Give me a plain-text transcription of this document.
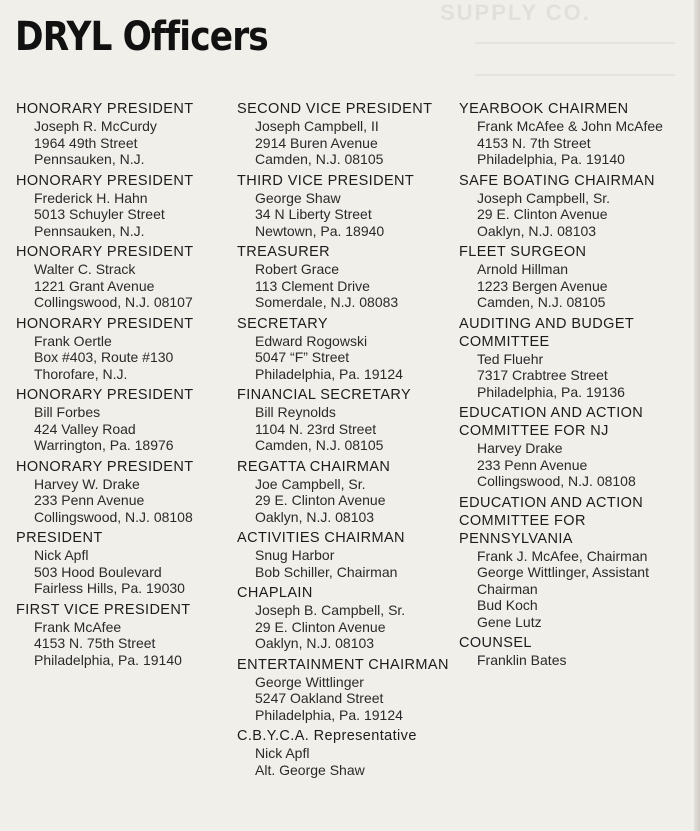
SUPPLY CO.
DRYL Officers
HONORARY PRESIDENT
Joseph R. McCurdy
1964 49th Street
Pennsauken, N.J.
HONORARY PRESIDENT
Frederick H. Hahn
5013 Schuyler Street
Pennsauken, N.J.
HONORARY PRESIDENT
Walter C. Strack
1221 Grant Avenue
Collingswood, N.J. 08107
HONORARY PRESIDENT
Frank Oertle
Box #403, Route #130
Thorofare, N.J.
HONORARY PRESIDENT
Bill Forbes
424 Valley Road
Warrington, Pa. 18976
HONORARY PRESIDENT
Harvey W. Drake
233 Penn Avenue
Collingswood, N.J. 08108
PRESIDENT
Nick Apfl
503 Hood Boulevard
Fairless Hills, Pa. 19030
FIRST VICE PRESIDENT
Frank McAfee
4153 N. 75th Street
Philadelphia, Pa. 19140
SECOND VICE PRESIDENT
Joseph Campbell, II
2914 Buren Avenue
Camden, N.J. 08105
THIRD VICE PRESIDENT
George Shaw
34 N Liberty Street
Newtown, Pa. 18940
TREASURER
Robert Grace
113 Clement Drive
Somerdale, N.J. 08083
SECRETARY
Edward Rogowski
5047 “F” Street
Philadelphia, Pa. 19124
FINANCIAL SECRETARY
Bill Reynolds
1104 N. 23rd Street
Camden, N.J. 08105
REGATTA CHAIRMAN
Joe Campbell, Sr.
29 E. Clinton Avenue
Oaklyn, N.J. 08103
ACTIVITIES CHAIRMAN
Snug Harbor
Bob Schiller, Chairman
CHAPLAIN
Joseph B. Campbell, Sr.
29 E. Clinton Avenue
Oaklyn, N.J. 08103
ENTERTAINMENT CHAIRMAN
George Wittlinger
5247 Oakland Street
Philadelphia, Pa. 19124
C.B.Y.C.A. Representative
Nick Apfl
Alt. George Shaw
YEARBOOK CHAIRMEN
Frank McAfee & John McAfee
4153 N. 7th Street
Philadelphia, Pa. 19140
SAFE BOATING CHAIRMAN
Joseph Campbell, Sr.
29 E. Clinton Avenue
Oaklyn, N.J. 08103
FLEET SURGEON
Arnold Hillman
1223 Bergen Avenue
Camden, N.J. 08105
AUDITING AND BUDGET
COMMITTEE
Ted Fluehr
7317 Crabtree Street
Philadelphia, Pa. 19136
EDUCATION AND ACTION
COMMITTEE FOR NJ
Harvey Drake
233 Penn Avenue
Collingswood, N.J. 08108
EDUCATION AND ACTION
COMMITTEE FOR
PENNSYLVANIA
Frank J. McAfee, Chairman
George Wittlinger, Assistant
Chairman
Bud Koch
Gene Lutz
COUNSEL
Franklin Bates
